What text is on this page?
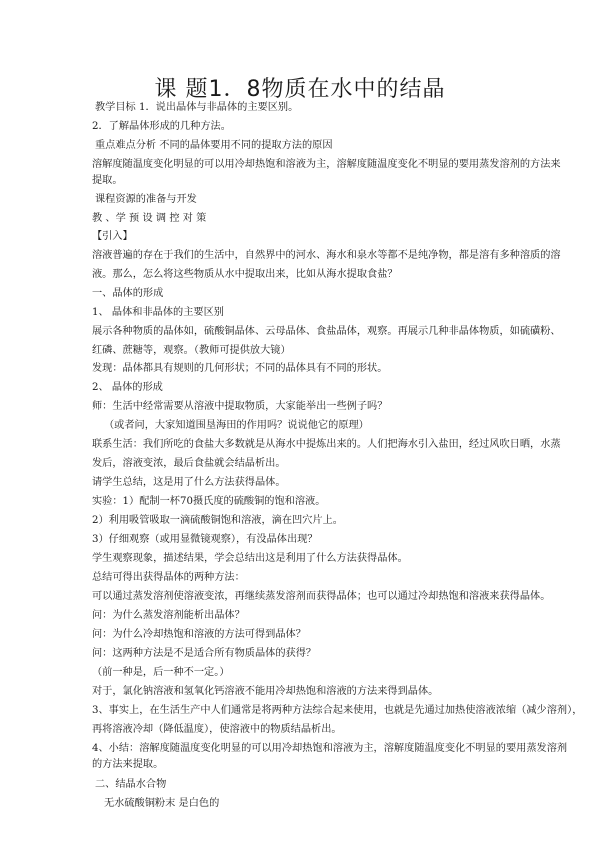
课 题1．8物质在水中的结晶
教学目标 1．说出晶体与非晶体的主要区别。
2．了解晶体形成的几种方法。
重点难点分析 不同的晶体要用不同的提取方法的原因
溶解度随温度变化明显的可以用冷却热饱和溶液为主，溶解度随温度变化不明显的要用蒸发溶剂的方法来
提取。
课程资源的准备与开发
教 、学 预 设 调 控 对 策
【引入】
溶液普遍的存在于我们的生活中，自然界中的河水、海水和泉水等都不是纯净物，都是溶有多种溶质的溶
液。那么，怎么将这些物质从水中提取出来，比如从海水提取食盐？
一、晶体的形成
1、 晶体和非晶体的主要区别
展示各种物质的晶体如，硫酸铜晶体、云母晶体、食盐晶体，观察。再展示几种非晶体物质，如硫磺粉、
红磷、蔗糖等，观察。（教师可提供放大镜）
发现：晶体都具有规则的几何形状；不同的晶体具有不同的形状。
2、 晶体的形成
师：生活中经常需要从溶液中提取物质，大家能举出一些例子吗？
（或者问，大家知道围垦海田的作用吗？说说他它的原理）
联系生活：我们所吃的食盐大多数就是从海水中提炼出来的。人们把海水引入盐田，经过风吹日晒，水蒸
发后，溶液变浓，最后食盐就会结晶析出。
请学生总结，这是用了什么方法获得晶体。
实验：1）配制一杯70摄氏度的硫酸铜的饱和溶液。
2）利用吸管吸取一滴硫酸铜饱和溶液，滴在凹穴片上。
3）仔细观察（或用显微镜观察），有没晶体出现？
学生观察现象，描述结果，学会总结出这是利用了什么方法获得晶体。
总结可得出获得晶体的两种方法：
可以通过蒸发溶剂使溶液变浓，再继续蒸发溶剂而获得晶体；也可以通过冷却热饱和溶液来获得晶体。
问：为什么蒸发溶剂能析出晶体？
问：为什么冷却热饱和溶液的方法可得到晶体？
问：这两种方法是不是适合所有物质晶体的获得？
（前一种是，后一种不一定。）
对于，氯化钠溶液和氢氧化钙溶液不能用冷却热饱和溶液的方法来得到晶体。
3、事实上，在生活生产中人们通常是将两种方法综合起来使用，也就是先通过加热使溶液浓缩（减少溶剂），
再将溶液冷却（降低温度），使溶液中的物质结晶析出。
4、小结：溶解度随温度变化明显的可以用冷却热饱和溶液为主，溶解度随温度变化不明显的要用蒸发溶剂
的方法来提取。
二、结晶水合物
无水硫酸铜粉末 是白色的
